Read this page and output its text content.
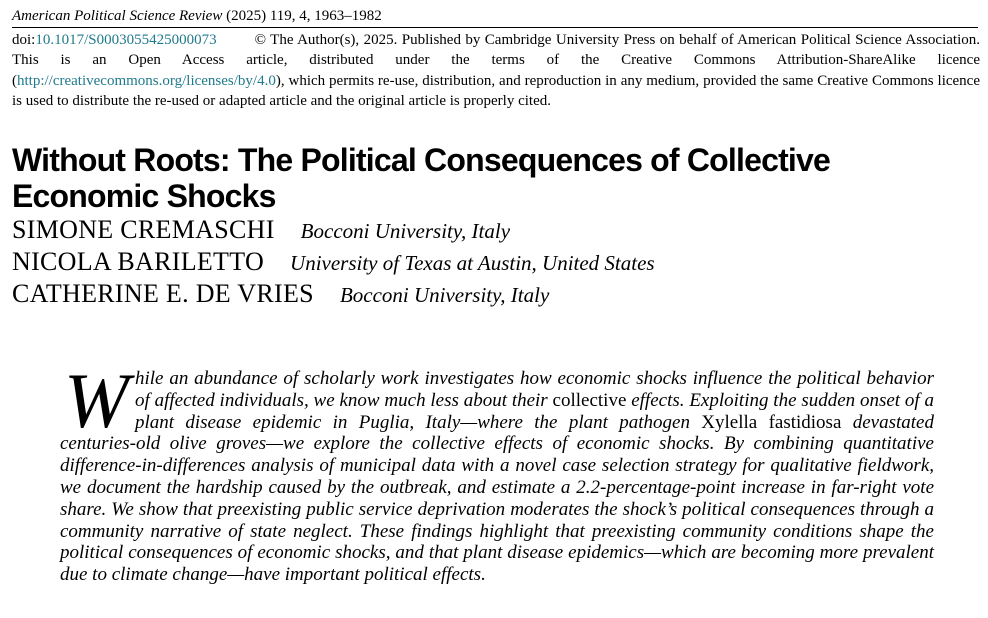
American Political Science Review (2025) 119, 4, 1963–1982
doi:10.1017/S0003055425000073	© The Author(s), 2025. Published by Cambridge University Press on behalf of American Political Science Association. This is an Open Access article, distributed under the terms of the Creative Commons Attribution-ShareAlike licence (http://creativecommons.org/licenses/by/4.0), which permits re-use, distribution, and reproduction in any medium, provided the same Creative Commons licence is used to distribute the re-used or adapted article and the original article is properly cited.
Without Roots: The Political Consequences of Collective Economic Shocks
SIMONE CREMASCHI Bocconi University, Italy
NICOLA BARILETTO University of Texas at Austin, United States
CATHERINE E. DE VRIES Bocconi University, Italy

While an abundance of scholarly work investigates how economic shocks influence the political behavior of affected individuals, we know much less about their collective effects. Exploiting the sudden onset of a plant disease epidemic in Puglia, Italy—where the plant pathogen Xylella fastidiosa devastated centuries-old olive groves—we explore the collective effects of economic shocks. By combining quantitative difference-in-differences analysis of municipal data with a novel case selection strategy for qualitative fieldwork, we document the hardship caused by the outbreak, and estimate a 2.2-percentage-point increase in far-right vote share. We show that preexisting public service deprivation moderates the shock’s political consequences through a community narrative of state neglect. These findings highlight that preexisting community conditions shape the political consequences of economic shocks, and that plant disease epidemics—which are becoming more prevalent due to climate change—have important political effects.
